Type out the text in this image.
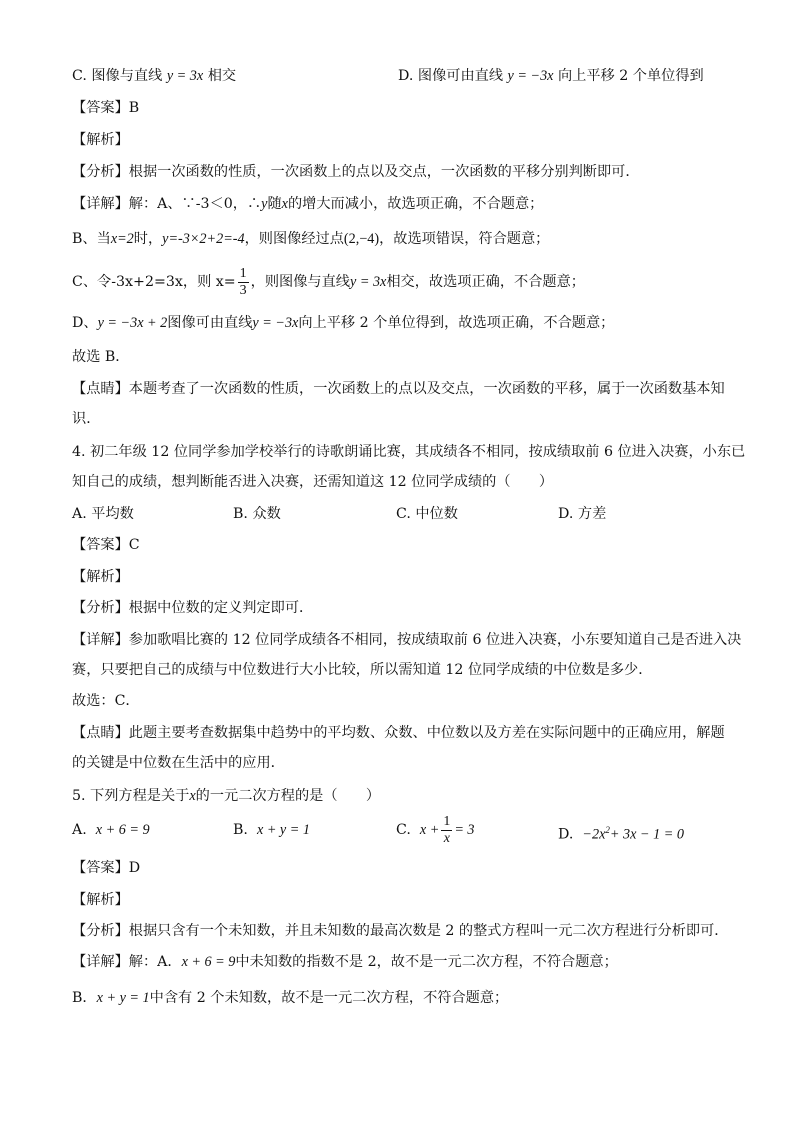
C. 图像与直线 y = 3x 相交	D. 图像可由直线 y = −3x 向上平移 2 个单位得到
【答案】B
【解析】
【分析】根据一次函数的性质，一次函数上的点以及交点，一次函数的平移分别判断即可．
【详解】解：A、∵-3＜0，∴y随x的增大而减小，故选项正确，不合题意；
B、当x=2时，y=-3×2+2=-4，则图像经过点(2,−4)，故选项错误，符合题意；
C、令-3x+2=3x，则 $x= \frac{1}{3}$ ，则图像与直线y = 3x相交，故选项正确，不合题意；
D、y = −3x + 2图像可由直线y = −3x向上平移 2 个单位得到，故选项正确，不合题意；
故选 B．
【点睛】本题考查了一次函数的性质，一次函数上的点以及交点，一次函数的平移，属于一次函数基本知
识．
4. 初二年级 12 位同学参加学校举行的诗歌朗诵比赛，其成绩各不相同，按成绩取前 6 位进入决赛，小东已
知自己的成绩，想判断能否进入决赛，还需知道这 12 位同学成绩的（　　）
A. 平均数	B. 众数	C. 中位数	D. 方差
【答案】C
【解析】
【分析】根据中位数的定义判定即可．
【详解】参加歌唱比赛的 12 位同学成绩各不相同，按成绩取前 6 位进入决赛，小东要知道自己是否进入决
赛，只要把自己的成绩与中位数进行大小比较，所以需知道 12 位同学成绩的中位数是多少．
故选：C．
【点睛】此题主要考查数据集中趋势中的平均数、众数、中位数以及方差在实际问题中的正确应用，解题
的关键是中位数在生活中的应用．
5. 下列方程是关于x的一元二次方程的是（　　）
A. x + 6 = 9	B. x + y = 1	C. $x + \frac{1}{x} = 3$	D. $-2x^2+ 3x - 1 = 0$
【答案】D
【解析】
【分析】根据只含有一个未知数，并且未知数的最高次数是 2 的整式方程叫一元二次方程进行分析即可．
【详解】解：A．x + 6 = 9中未知数的指数不是 2，故不是一元二次方程，不符合题意；
B．x + y = 1中含有 2 个未知数，故不是一元二次方程，不符合题意；
